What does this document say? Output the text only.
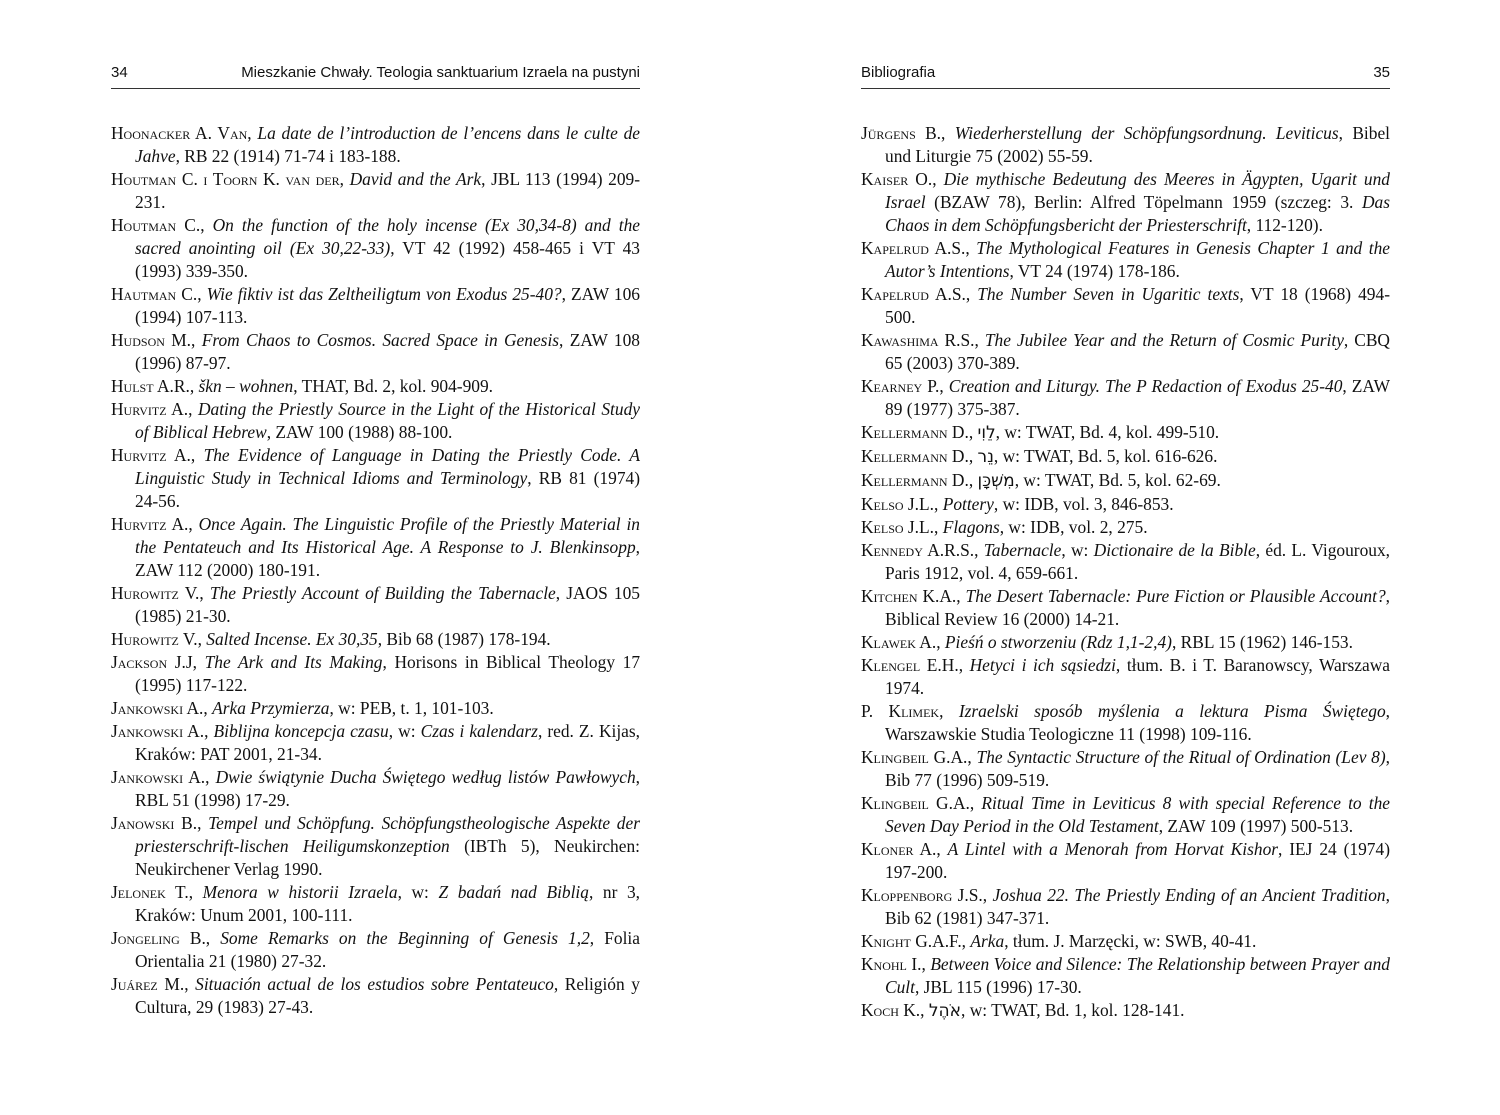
34	Mieszkanie Chwały. Teologia sanktuarium Izraela na pustyni
Hoonacker A. Van, La date de l’introduction de l’encens dans le culte de Jahve, RB 22 (1914) 71-74 i 183-188.
Houtman C. i Toorn K. van der, David and the Ark, JBL 113 (1994) 209-231.
Houtman C., On the function of the holy incense (Ex 30,34-8) and the sacred anointing oil (Ex 30,22-33), VT 42 (1992) 458-465 i VT 43 (1993) 339-350.
Hautman C., Wie fiktiv ist das Zeltheiligtum von Exodus 25-40?, ZAW 106 (1994) 107-113.
Hudson M., From Chaos to Cosmos. Sacred Space in Genesis, ZAW 108 (1996) 87-97.
Hulst A.R., škn – wohnen, THAT, Bd. 2, kol. 904-909.
Hurvitz A., Dating the Priestly Source in the Light of the Historical Study of Biblical Hebrew, ZAW 100 (1988) 88-100.
Hurvitz A., The Evidence of Language in Dating the Priestly Code. A Linguistic Study in Technical Idioms and Terminology, RB 81 (1974) 24-56.
Hurvitz A., Once Again. The Linguistic Profile of the Priestly Material in the Pentateuch and Its Historical Age. A Response to J. Blenkinsopp, ZAW 112 (2000) 180-191.
Hurowitz V., The Priestly Account of Building the Tabernacle, JAOS 105 (1985) 21-30.
Hurowitz V., Salted Incense. Ex 30,35, Bib 68 (1987) 178-194.
Jackson J.J, The Ark and Its Making, Horisons in Biblical Theology 17 (1995) 117-122.
Jankowski A., Arka Przymierza, w: PEB, t. 1, 101-103.
Jankowski A., Biblijna koncepcja czasu, w: Czas i kalendarz, red. Z. Kijas, Kraków: PAT 2001, 21-34.
Jankowski A., Dwie świątynie Ducha Świętego według listów Pawłowych, RBL 51 (1998) 17-29.
Janowski B., Tempel und Schöpfung. Schöpfungstheologische Aspekte der priesterschrift-lischen Heiligumskonzeption (IBTh 5), Neukirchen: Neukirchener Verlag 1990.
Jelonek T., Menora w historii Izraela, w: Z badań nad Biblią, nr 3, Kraków: Unum 2001, 100-111.
Jongeling B., Some Remarks on the Beginning of Genesis 1,2, Folia Orientalia 21 (1980) 27-32.
Juárez M., Situación actual de los estudios sobre Pentateuco, Religión y Cultura, 29 (1983) 27-43.
Bibliografia	35
Jürgens B., Wiederherstellung der Schöpfungsordnung. Leviticus, Bibel und Liturgie 75 (2002) 55-59.
Kaiser O., Die mythische Bedeutung des Meeres in Ägypten, Ugarit und Israel (BZAW 78), Berlin: Alfred Töpelmann 1959 (szczeg: 3. Das Chaos in dem Schöpfungsbericht der Priesterschrift, 112-120).
Kapelrud A.S., The Mythological Features in Genesis Chapter 1 and the Autor’s Intentions, VT 24 (1974) 178-186.
Kapelrud A.S., The Number Seven in Ugaritic texts, VT 18 (1968) 494-500.
Kawashima R.S., The Jubilee Year and the Return of Cosmic Purity, CBQ 65 (2003) 370-389.
Kearney P., Creation and Liturgy. The P Redaction of Exodus 25-40, ZAW 89 (1977) 375-387.
Kellermann D., לֵוִי, w: TWAT, Bd. 4, kol. 499-510.
Kellermann D., נֵר, w: TWAT, Bd. 5, kol. 616-626.
Kellermann D., מִשְׁכָּן, w: TWAT, Bd. 5, kol. 62-69.
Kelso J.L., Pottery, w: IDB, vol. 3, 846-853.
Kelso J.L., Flagons, w: IDB, vol. 2, 275.
Kennedy A.R.S., Tabernacle, w: Dictionaire de la Bible, éd. L. Vigouroux, Paris 1912, vol. 4, 659-661.
Kitchen K.A., The Desert Tabernacle: Pure Fiction or Plausible Account?, Biblical Review 16 (2000) 14-21.
Klawek A., Pieśń o stworzeniu (Rdz 1,1-2,4), RBL 15 (1962) 146-153.
Klengel E.H., Hetyci i ich sąsiedzi, tłum. B. i T. Baranowscy, Warszawa 1974.
P. Klimek, Izraelski sposób myślenia a lektura Pisma Świętego, Warszawskie Studia Teologiczne 11 (1998) 109-116.
Klingbeil G.A., The Syntactic Structure of the Ritual of Ordination (Lev 8), Bib 77 (1996) 509-519.
Klingbeil G.A., Ritual Time in Leviticus 8 with special Reference to the Seven Day Period in the Old Testament, ZAW 109 (1997) 500-513.
Kloner A., A Lintel with a Menorah from Horvat Kishor, IEJ 24 (1974) 197-200.
Kloppenborg J.S., Joshua 22. The Priestly Ending of an Ancient Tradition, Bib 62 (1981) 347-371.
Knight G.A.F., Arka, tłum. J. Marzęcki, w: SWB, 40-41.
Knohl I., Between Voice and Silence: The Relationship between Prayer and Cult, JBL 115 (1996) 17-30.
Koch K., אֹהֶל, w: TWAT, Bd. 1, kol. 128-141.
